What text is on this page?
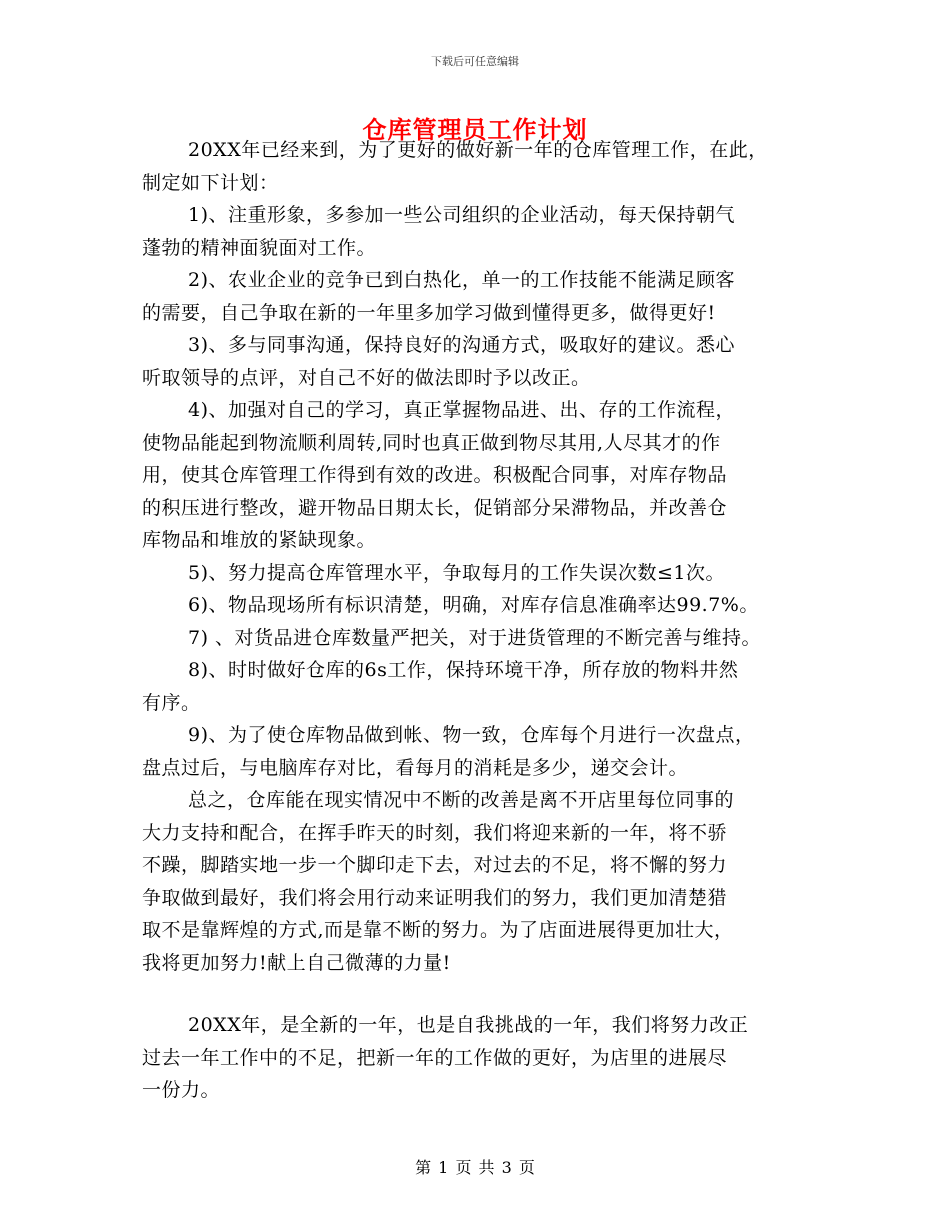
下载后可任意编辑
仓库管理员工作计划
20XX年已经来到，为了更好的做好新一年的仓库管理工作，在此，
制定如下计划：
1)、注重形象，多参加一些公司组织的企业活动，每天保持朝气
蓬勃的精神面貌面对工作。
2)、农业企业的竞争已到白热化，单一的工作技能不能满足顾客
的需要，自己争取在新的一年里多加学习做到懂得更多，做得更好!
3)、多与同事沟通，保持良好的沟通方式，吸取好的建议。悉心
听取领导的点评，对自己不好的做法即时予以改正。
4)、加强对自己的学习，真正掌握物品进、出、存的工作流程，
使物品能起到物流顺利周转,同时也真正做到物尽其用,人尽其才的作
用，使其仓库管理工作得到有效的改进。积极配合同事，对库存物品
的积压进行整改，避开物品日期太长，促销部分呆滞物品，并改善仓
库物品和堆放的紧缺现象。
5)、努力提高仓库管理水平，争取每月的工作失误次数≤1次。
6)、物品现场所有标识清楚，明确，对库存信息准确率达99.7%。
7) 、对货品进仓库数量严把关，对于进货管理的不断完善与维持。
8)、时时做好仓库的6s工作，保持环境干净，所存放的物料井然
有序。
9)、为了使仓库物品做到帐、物一致，仓库每个月进行一次盘点，
盘点过后，与电脑库存对比，看每月的消耗是多少，递交会计。
总之，仓库能在现实情况中不断的改善是离不开店里每位同事的
大力支持和配合，在挥手昨天的时刻，我们将迎来新的一年，将不骄
不躁，脚踏实地一步一个脚印走下去，对过去的不足，将不懈的努力
争取做到最好，我们将会用行动来证明我们的努力，我们更加清楚猎
取不是靠辉煌的方式,而是靠不断的努力。为了店面进展得更加壮大，
我将更加努力!献上自己微薄的力量!
20XX年，是全新的一年，也是自我挑战的一年，我们将努力改正
过去一年工作中的不足，把新一年的工作做的更好，为店里的进展尽
一份力。
第 1 页 共 3 页
